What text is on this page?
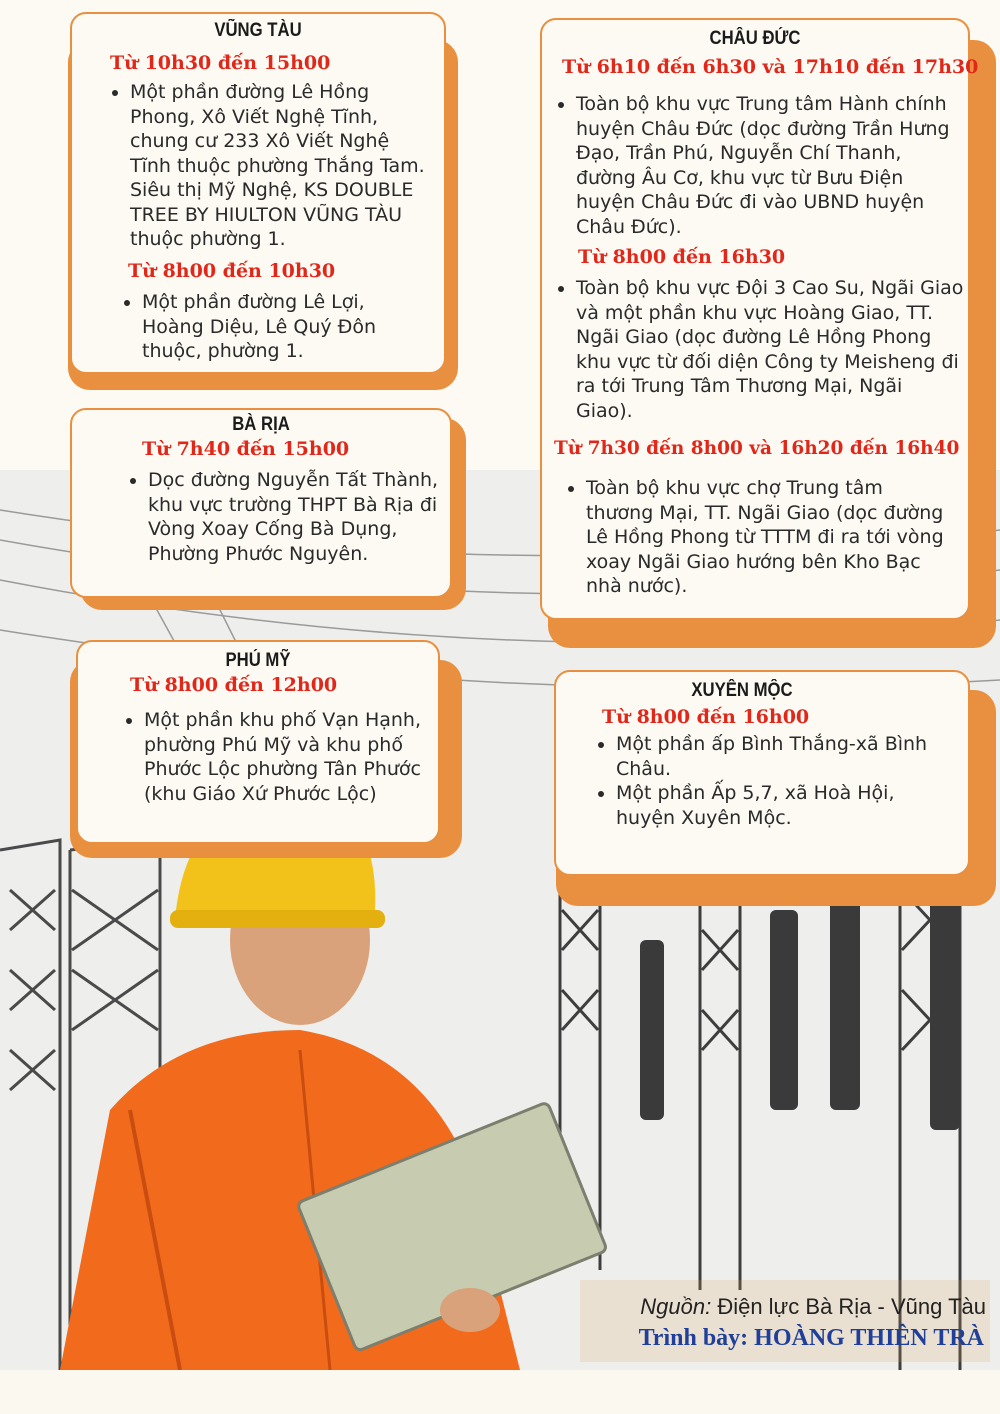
VŨNG TÀU
Từ 10h30 đến 15h00
• Một phần đường Lê Hồng Phong, Xô Viết Nghệ Tĩnh, chung cư 233 Xô Viết Nghệ Tĩnh thuộc phường Thắng Tam. Siêu thị Mỹ Nghệ, KS DOUBLE TREE BY HIULTON VŨNG TÀU thuộc phường 1.
Từ 8h00 đến 10h30
• Một phần đường Lê Lợi, Hoàng Diệu, Lê Quý Đôn thuộc, phường 1.
BÀ RỊA
Từ 7h40 đến 15h00
• Dọc đường Nguyễn Tất Thành, khu vực trường THPT Bà Rịa đi Vòng Xoay Cống Bà Dụng, Phường Phước Nguyên.
PHÚ MỸ
Từ 8h00 đến 12h00
• Một phần khu phố Vạn Hạnh, phường Phú Mỹ và khu phố Phước Lộc phường Tân Phước (khu Giáo Xứ Phước Lộc)
CHÂU ĐỨC
Từ 6h10 đến 6h30 và 17h10 đến 17h30
• Toàn bộ khu vực Trung tâm Hành chính huyện Châu Đức (dọc đường Trần Hưng Đạo, Trần Phú, Nguyễn Chí Thanh, đường Âu Cơ, khu vực từ Bưu Điện huyện Châu Đức đi vào UBND huyện Châu Đức).
Từ 8h00 đến 16h30
• Toàn bộ khu vực Đội 3 Cao Su, Ngãi Giao và một phần khu vực Hoàng Giao, TT. Ngãi Giao (dọc đường Lê Hồng Phong khu vực từ đối diện Công ty Meisheng đi ra tới Trung Tâm Thương Mại, Ngãi Giao).
Từ 7h30 đến 8h00 và 16h20 đến 16h40
• Toàn bộ khu vực chợ Trung tâm thương Mại, TT. Ngãi Giao (dọc đường Lê Hồng Phong từ TTTM đi ra tới vòng xoay Ngãi Giao hướng bên Kho Bạc nhà nước).
XUYÊN MỘC
Từ 8h00 đến 16h00
• Một phần ấp Bình Thắng-xã Bình Châu.
• Một phần Ấp 5,7, xã Hoà Hội, huyện Xuyên Mộc.
Nguồn: Điện lực Bà Rịa - Vũng Tàu
Trình bày: HOÀNG THIÊN TRÀ
